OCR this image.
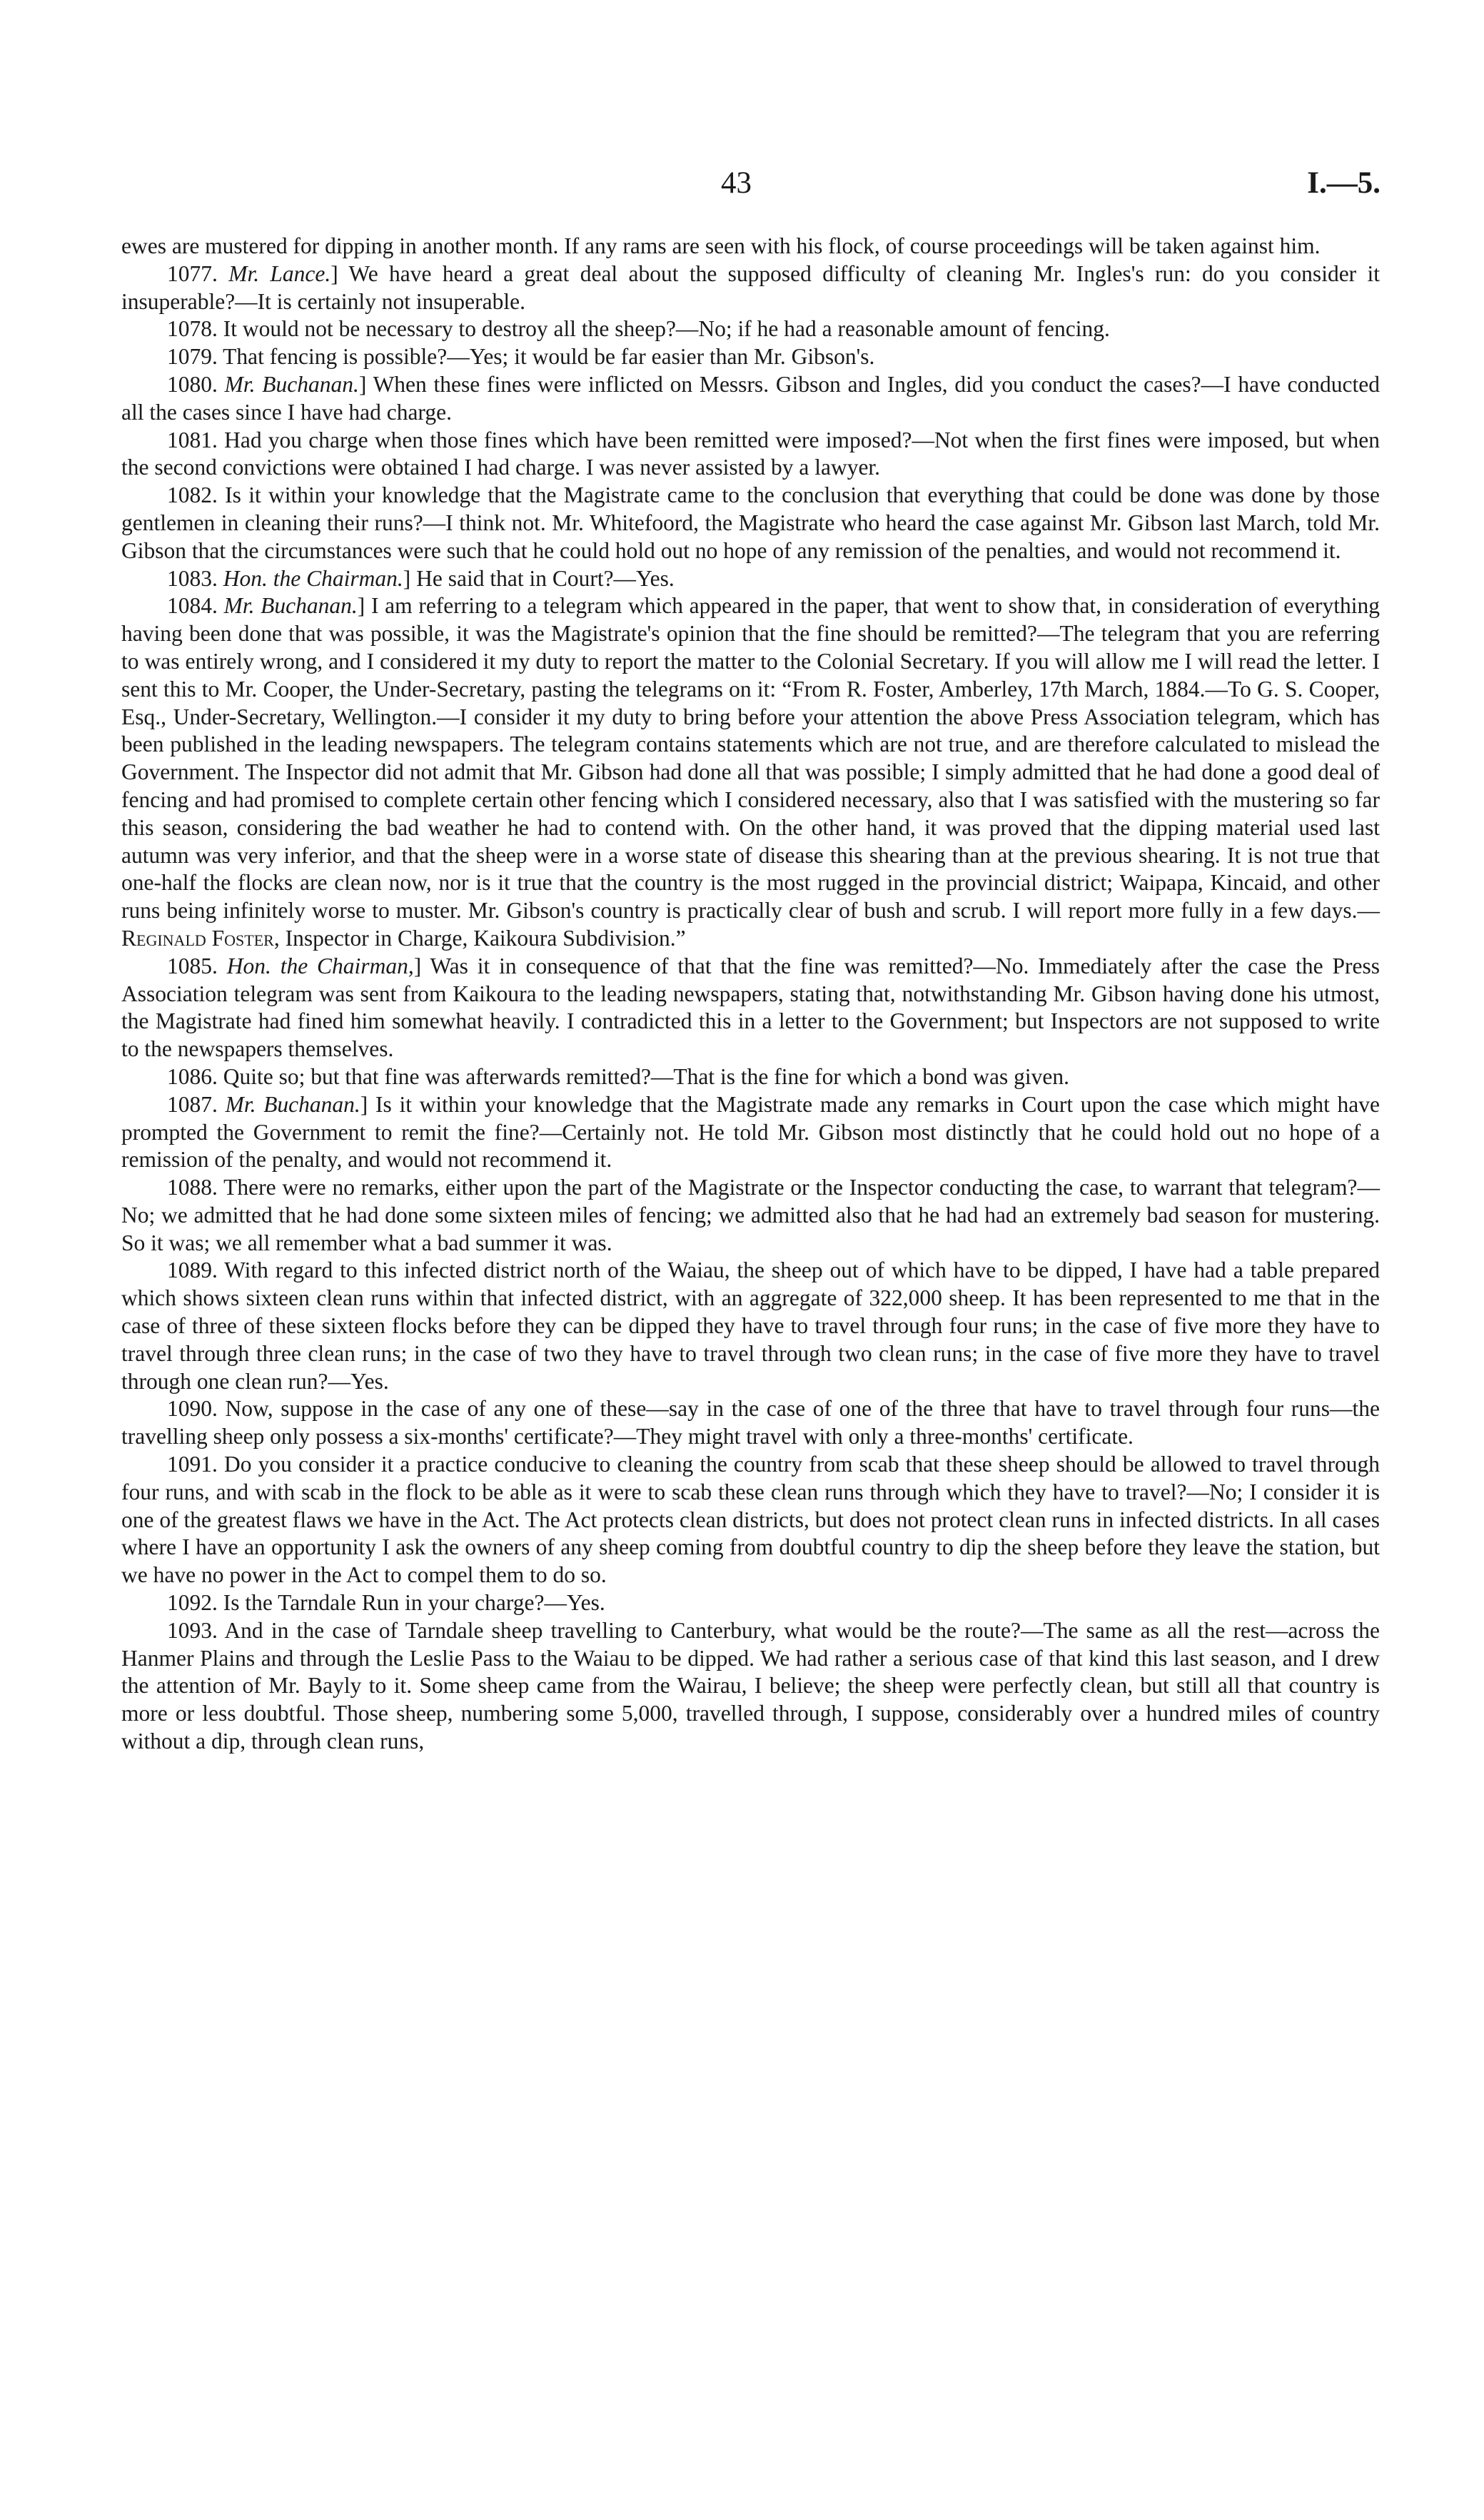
43	I.—5.

ewes are mustered for dipping in another month. If any rams are seen with his flock, of course proceedings will be taken against him.

1077. Mr. Lance.] We have heard a great deal about the supposed difficulty of cleaning Mr. Ingles's run: do you consider it insuperable?—It is certainly not insuperable.

1078. It would not be necessary to destroy all the sheep?—No; if he had a reasonable amount of fencing.

1079. That fencing is possible?—Yes; it would be far easier than Mr. Gibson's.

1080. Mr. Buchanan.] When these fines were inflicted on Messrs. Gibson and Ingles, did you conduct the cases?—I have conducted all the cases since I have had charge.

1081. Had you charge when those fines which have been remitted were imposed?—Not when the first fines were imposed, but when the second convictions were obtained I had charge. I was never assisted by a lawyer.

1082. Is it within your knowledge that the Magistrate came to the conclusion that everything that could be done was done by those gentlemen in cleaning their runs?—I think not. Mr. Whitefoord, the Magistrate who heard the case against Mr. Gibson last March, told Mr. Gibson that the circumstances were such that he could hold out no hope of any remission of the penalties, and would not recommend it.

1083. Hon. the Chairman.] He said that in Court?—Yes.

1084. Mr. Buchanan.] I am referring to a telegram which appeared in the paper, that went to show that, in consideration of everything having been done that was possible, it was the Magistrate's opinion that the fine should be remitted?—The telegram that you are referring to was entirely wrong, and I considered it my duty to report the matter to the Colonial Secretary. If you will allow me I will read the letter. I sent this to Mr. Cooper, the Under-Secretary, pasting the telegrams on it: “From R. Foster, Amberley, 17th March, 1884.—To G. S. Cooper, Esq., Under-Secretary, Wellington.—I consider it my duty to bring before your attention the above Press Association telegram, which has been published in the leading newspapers. The telegram contains statements which are not true, and are therefore calculated to mislead the Government. The Inspector did not admit that Mr. Gibson had done all that was possible; I simply admitted that he had done a good deal of fencing and had promised to complete certain other fencing which I considered necessary, also that I was satisfied with the mustering so far this season, considering the bad weather he had to contend with. On the other hand, it was proved that the dipping material used last autumn was very inferior, and that the sheep were in a worse state of disease this shearing than at the previous shearing. It is not true that one-half the flocks are clean now, nor is it true that the country is the most rugged in the provincial district; Waipapa, Kincaid, and other runs being infinitely worse to muster. Mr. Gibson's country is practically clear of bush and scrub. I will report more fully in a few days.—Reginald Foster, Inspector in Charge, Kaikoura Subdivision.”

1085. Hon. the Chairman,] Was it in consequence of that that the fine was remitted?—No. Immediately after the case the Press Association telegram was sent from Kaikoura to the leading newspapers, stating that, notwithstanding Mr. Gibson having done his utmost, the Magistrate had fined him somewhat heavily. I contradicted this in a letter to the Government; but Inspectors are not supposed to write to the newspapers themselves.

1086. Quite so; but that fine was afterwards remitted?—That is the fine for which a bond was given.

1087. Mr. Buchanan.] Is it within your knowledge that the Magistrate made any remarks in Court upon the case which might have prompted the Government to remit the fine?—Certainly not. He told Mr. Gibson most distinctly that he could hold out no hope of a remission of the penalty, and would not recommend it.

1088. There were no remarks, either upon the part of the Magistrate or the Inspector conducting the case, to warrant that telegram?—No; we admitted that he had done some sixteen miles of fencing; we admitted also that he had had an extremely bad season for mustering. So it was; we all remember what a bad summer it was.

1089. With regard to this infected district north of the Waiau, the sheep out of which have to be dipped, I have had a table prepared which shows sixteen clean runs within that infected district, with an aggregate of 322,000 sheep. It has been represented to me that in the case of three of these sixteen flocks before they can be dipped they have to travel through four runs; in the case of five more they have to travel through three clean runs; in the case of two they have to travel through two clean runs; in the case of five more they have to travel through one clean run?—Yes.

1090. Now, suppose in the case of any one of these—say in the case of one of the three that have to travel through four runs—the travelling sheep only possess a six-months' certificate?—They might travel with only a three-months' certificate.

1091. Do you consider it a practice conducive to cleaning the country from scab that these sheep should be allowed to travel through four runs, and with scab in the flock to be able as it were to scab these clean runs through which they have to travel?—No; I consider it is one of the greatest flaws we have in the Act. The Act protects clean districts, but does not protect clean runs in infected districts. In all cases where I have an opportunity I ask the owners of any sheep coming from doubtful country to dip the sheep before they leave the station, but we have no power in the Act to compel them to do so.

1092. Is the Tarndale Run in your charge?—Yes.

1093. And in the case of Tarndale sheep travelling to Canterbury, what would be the route?—The same as all the rest—across the Hanmer Plains and through the Leslie Pass to the Waiau to be dipped. We had rather a serious case of that kind this last season, and I drew the attention of Mr. Bayly to it. Some sheep came from the Wairau, I believe; the sheep were perfectly clean, but still all that country is more or less doubtful. Those sheep, numbering some 5,000, travelled through, I suppose, considerably over a hundred miles of country without a dip, through clean runs,
